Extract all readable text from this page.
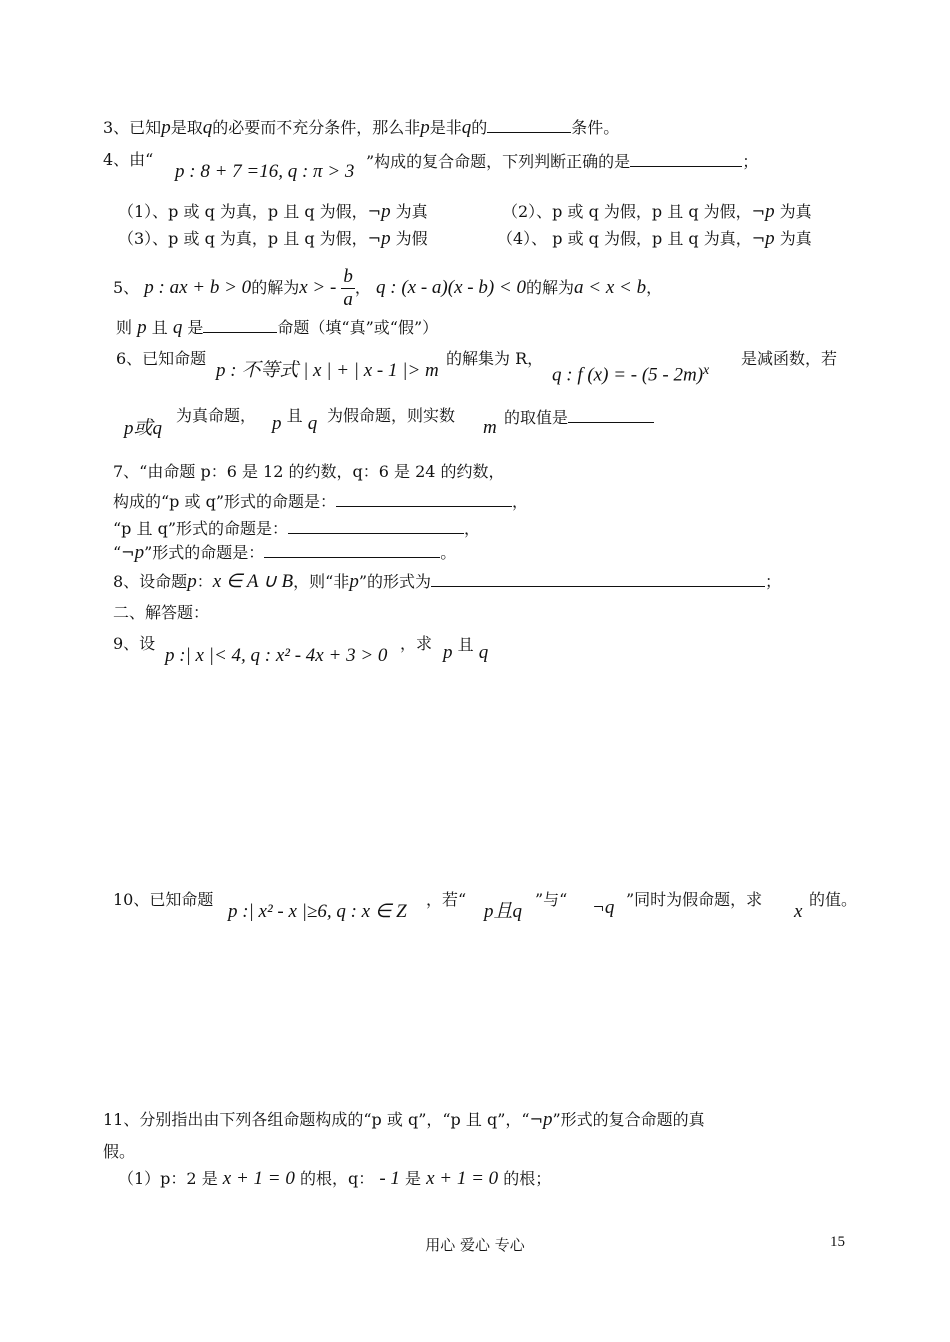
3、已知p是取q的必要而不充分条件，那么非p是非q的	条件。
4、由“
p : 8 + 7 =16, q : π > 3 ”构成的复合命题，下列判断正确的是	；
（1）、p 或 q 为真，p 且 q 为假，¬p 为真	（2）、p 或 q 为假，p 且 q 为假，¬p 为真
（3）、p 或 q 为真，p 且 q 为假，¬p 为假	（4）、 p 或 q 为假，p 且 q 为真，¬p 为真
5、 p : ax + b > 0的解为x > - $\frac{b}{a}$ ， q : (x - a)(x - b) < 0的解为a < x < b，
则 p 且 q 是	命题（填“真”或“假”）
6、已知命题
p : 不等式 | x | + | x - 1 |> m
的解集为 R，
q : f (x) = - (5 - 2m)$^x$
是减函数，若
p或q
为真命题， p 且 q 为假命题，则实数
m 的取值是
7、“由命题 p：6 是 12 的约数，q：6 是 24 的约数，
构成的“p 或 q”形式的命题是：	，
“p 且 q”形式的命题是：	，
“¬p”形式的命题是：	。
8、设命题p：x ∈ A ∪ B，则“非p”的形式为	；
二、解答题：
9、设
p :| x |< 4, q : x² - 4x + 3 > 0
，求 p 且 q
10、已知命题
p :| x² - x |≥6, q : x ∈ Z
，若“
p且q
”与“ ¬q ”同时为假命题，求
x
的值。
11、分别指出由下列各组命题构成的“p 或 q”，“p 且 q”，“¬p”形式的复合命题的真
假。
（1）p：2 是 x + 1 = 0 的根，q： - 1 是 x + 1 = 0 的根；
用心 爱心 专心	15
